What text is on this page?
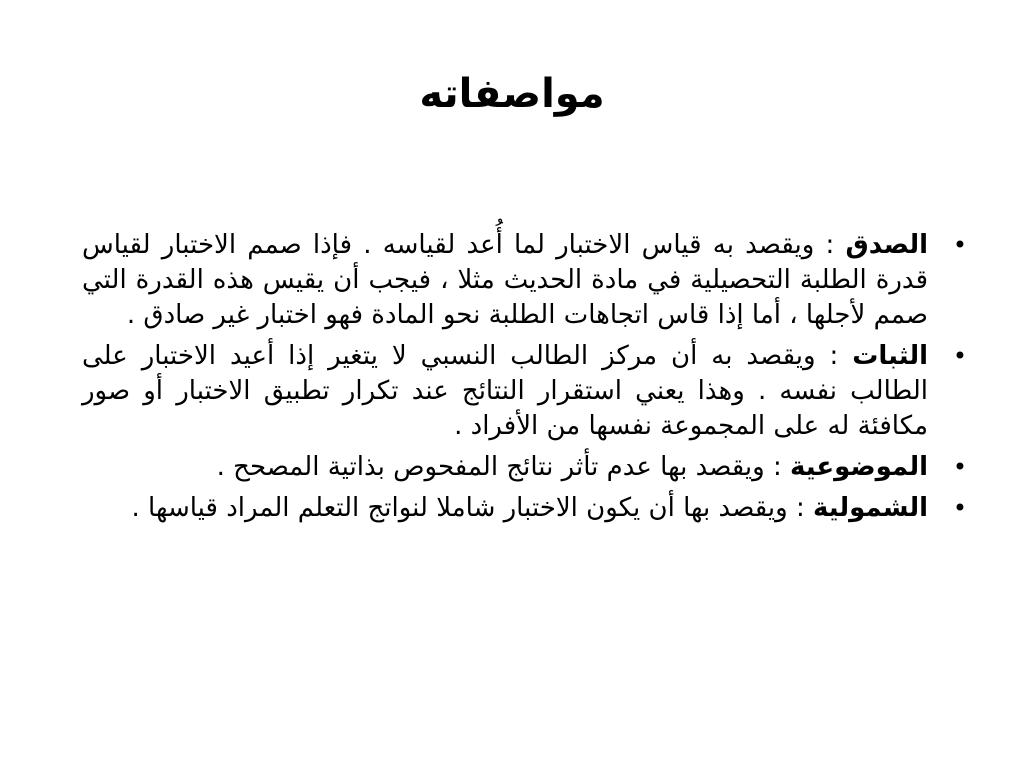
مواصفاته
•
الصدق : ويقصد به قياس الاختبار لما أُعد لقياسه . فإذا صمم الاختبار لقياس قدرة الطلبة التحصيلية في مادة الحديث مثلا ، فيجب أن يقيس هذه القدرة التي صمم لأجلها ، أما إذا قاس اتجاهات الطلبة نحو المادة فهو اختبار غير صادق .
•
الثبات : ويقصد به أن مركز الطالب النسبي لا يتغير إذا أعيد الاختبار على الطالب نفسه . وهذا يعني استقرار النتائج عند تكرار تطبيق الاختبار أو صور مكافئة له على المجموعة نفسها من الأفراد .
•
الموضوعية : ويقصد بها عدم تأثر نتائج المفحوص بذاتية المصحح .
•
الشمولية : ويقصد بها أن يكون الاختبار شاملا لنواتج التعلم المراد قياسها .
